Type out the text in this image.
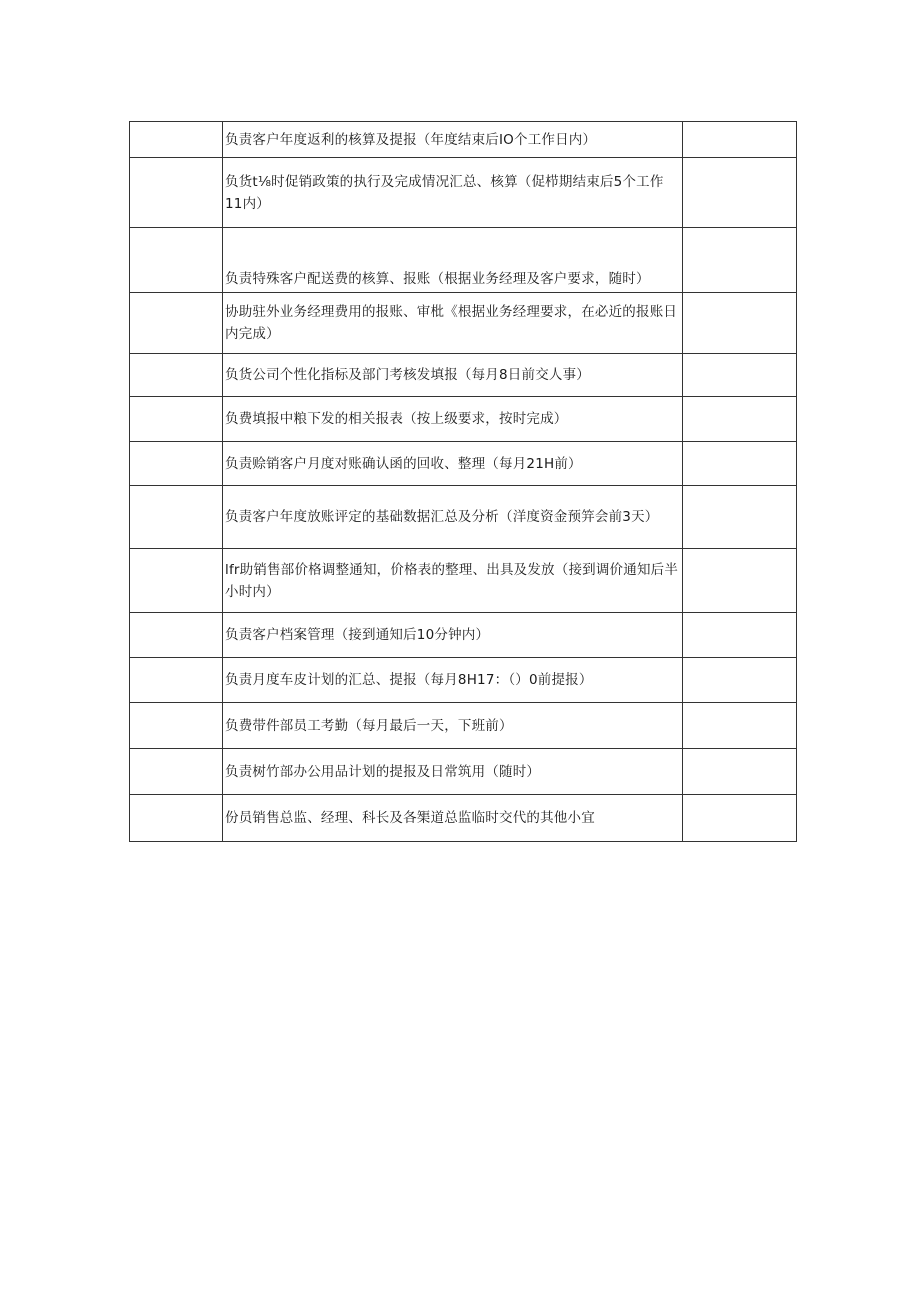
	负责客户年度返利的核算及提报（年度结束后IO个工作日内）	

	负货t⅛时促销政策的执行及完成情况汇总、核算（促栉期结束后5个工作11内）	

	负责特殊客户配送费的核算、报账（根据业务经理及客户要求，随时）	

	协助驻外业务经理费用的报账、审枇《根据业务经理要求，在必近的报账日内完成）	

	负货公司个性化指标及部门考核发填报（每月8日前交人事）	

	负费填报中粮下发的相关报表（按上级要求，按时完成）	

	负责赊销客户月度对账确认函的回收、整理（每月21H前）	

	负责客户年度放账评定的基础数据汇总及分析（洋度资金预笄会前3天）	

	lfr助销售部价格调整通知，价格表的整理、出具及发放（接到调价通知后半小时内）	

	负责客户档案管理（接到通知后10分钟内）	

	负责月度车皮计划的汇总、提报（每月8H17：（）0前提报）	

	负费带件部员工考勤（每月最后一天，下班前）	

	负责树竹部办公用品计划的提报及日常筑用（随时）	

	份员销售总监、经理、科长及各榘道总监临时交代的其他小宜	
